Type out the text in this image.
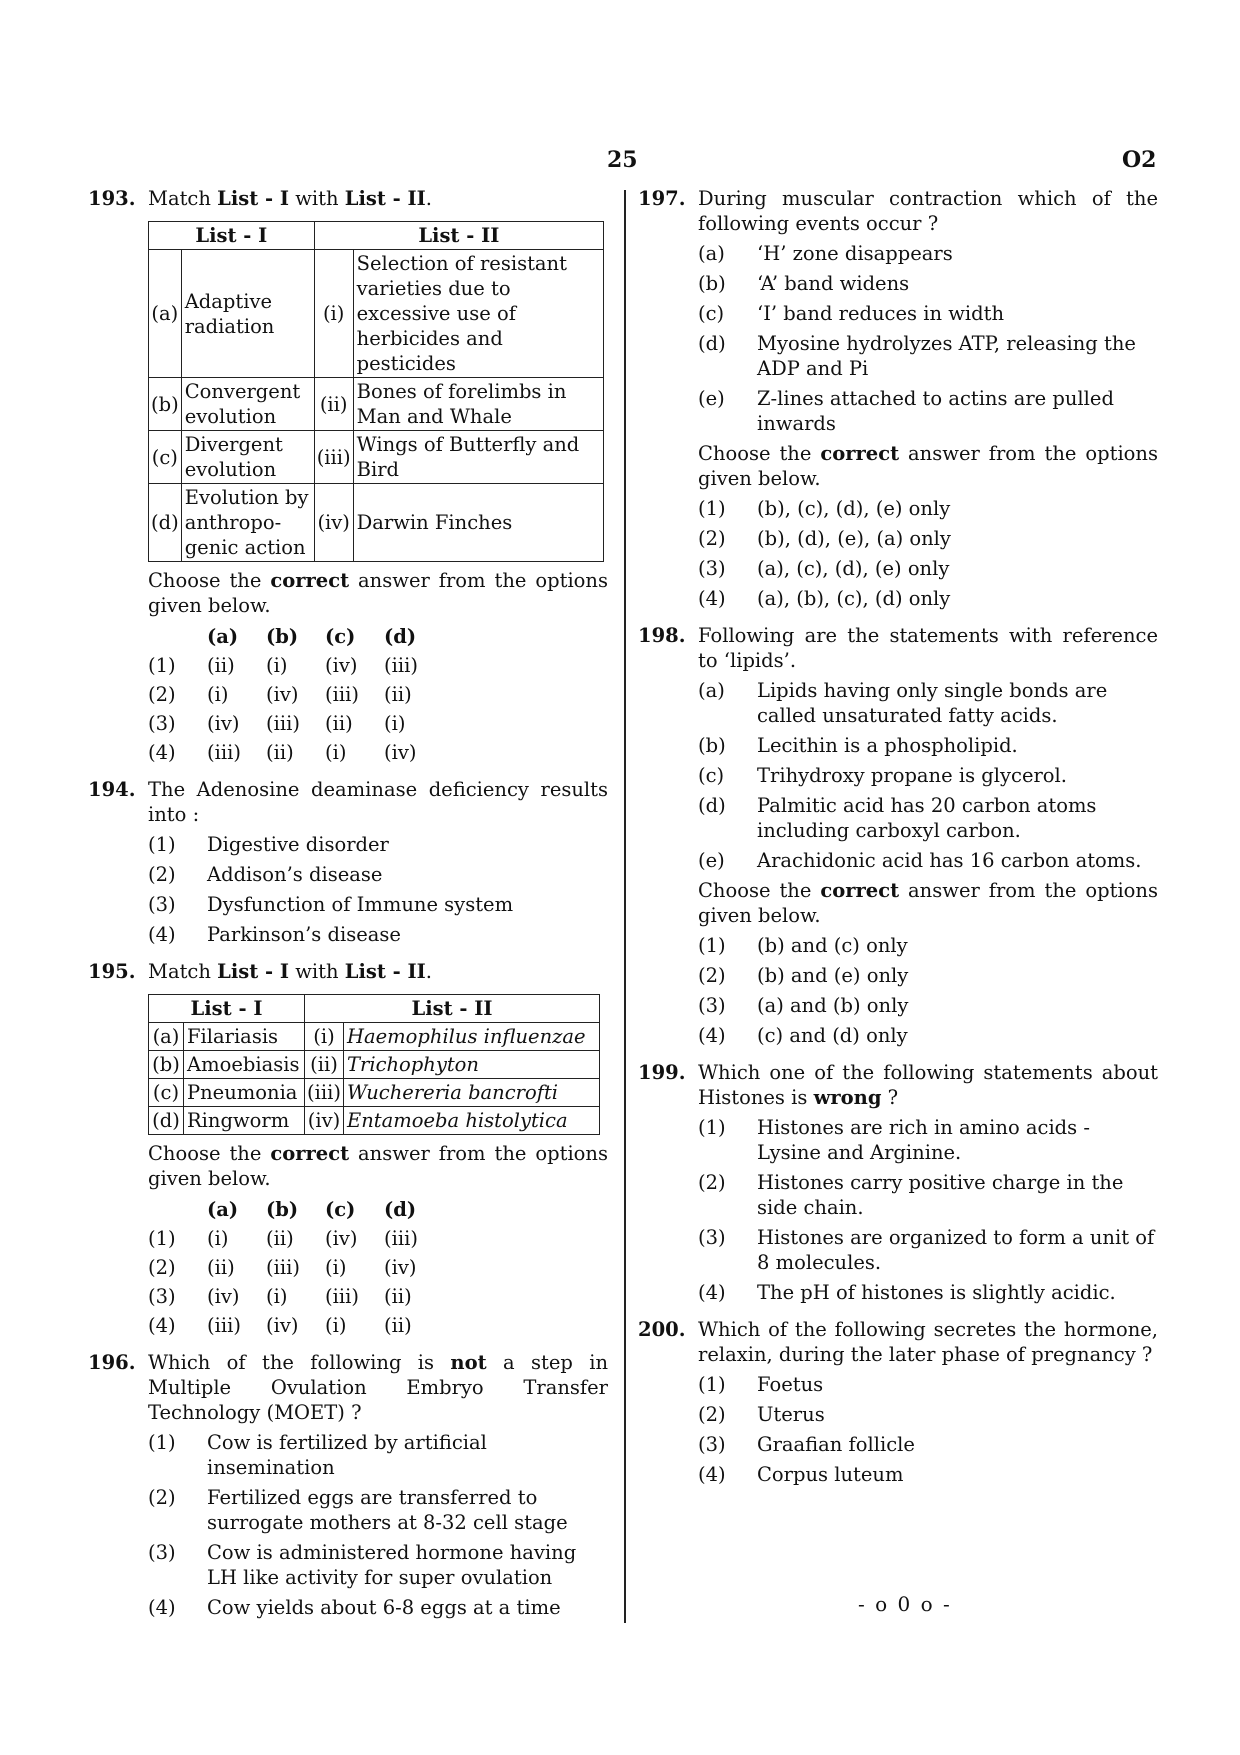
25	O2
193. Match List - I with List - II.
List - I		List - II	
(a)	Adaptive radiation	(i)	Selection of resistant varieties due to excessive use of herbicides and pesticides
(b)	Convergent evolution	(ii)	Bones of forelimbs in Man and Whale
(c)	Divergent evolution	(iii)	Wings of Butterfly and Bird
(d)	Evolution by anthropo-genic action	(iv)	Darwin Finches
Choose the correct answer from the options given below.
(a)	(b)	(c)	(d)
(1)	(ii)	(i)	(iv)	(iii)
(2)	(i)	(iv)	(iii)	(ii)
(3)	(iv)	(iii)	(ii)	(i)
(4)	(iii)	(ii)	(i)	(iv)
194. The Adenosine deaminase deficiency results into :
(1)	Digestive disorder
(2)	Addison’s disease
(3)	Dysfunction of Immune system
(4)	Parkinson’s disease
195. Match List - I with List - II.
List - I		List - II	
(a)	Filariasis	(i)	Haemophilus influenzae
(b)	Amoebiasis	(ii)	Trichophyton
(c)	Pneumonia	(iii)	Wuchereria bancrofti
(d)	Ringworm	(iv)	Entamoeba histolytica
Choose the correct answer from the options given below.
(a)	(b)	(c)	(d)
(1)	(i)	(ii)	(iv)	(iii)
(2)	(ii)	(iii)	(i)	(iv)
(3)	(iv)	(i)	(iii)	(ii)
(4)	(iii)	(iv)	(i)	(ii)
196. Which of the following is not a step in Multiple Ovulation Embryo Transfer Technology (MOET) ?
(1)	Cow is fertilized by artificial insemination
(2)	Fertilized eggs are transferred to surrogate mothers at 8-32 cell stage
(3)	Cow is administered hormone having LH like activity for super ovulation
(4)	Cow yields about 6-8 eggs at a time
197. During muscular contraction which of the following events occur ?
(a)	‘H’ zone disappears
(b)	‘A’ band widens
(c)	‘I’ band reduces in width
(d)	Myosine hydrolyzes ATP, releasing the ADP and Pi
(e)	Z-lines attached to actins are pulled inwards
Choose the correct answer from the options given below.
(1)	(b), (c), (d), (e) only
(2)	(b), (d), (e), (a) only
(3)	(a), (c), (d), (e) only
(4)	(a), (b), (c), (d) only
198. Following are the statements with reference to ‘lipids’.
(a)	Lipids having only single bonds are called unsaturated fatty acids.
(b)	Lecithin is a phospholipid.
(c)	Trihydroxy propane is glycerol.
(d)	Palmitic acid has 20 carbon atoms including carboxyl carbon.
(e)	Arachidonic acid has 16 carbon atoms.
Choose the correct answer from the options given below.
(1)	(b) and (c) only
(2)	(b) and (e) only
(3)	(a) and (b) only
(4)	(c) and (d) only
199. Which one of the following statements about Histones is wrong ?
(1)	Histones are rich in amino acids - Lysine and Arginine.
(2)	Histones carry positive charge in the side chain.
(3)	Histones are organized to form a unit of 8 molecules.
(4)	The pH of histones is slightly acidic.
200. Which of the following secretes the hormone, relaxin, during the later phase of pregnancy ?
(1)	Foetus
(2)	Uterus
(3)	Graafian follicle
(4)	Corpus luteum
- o 0 o -
